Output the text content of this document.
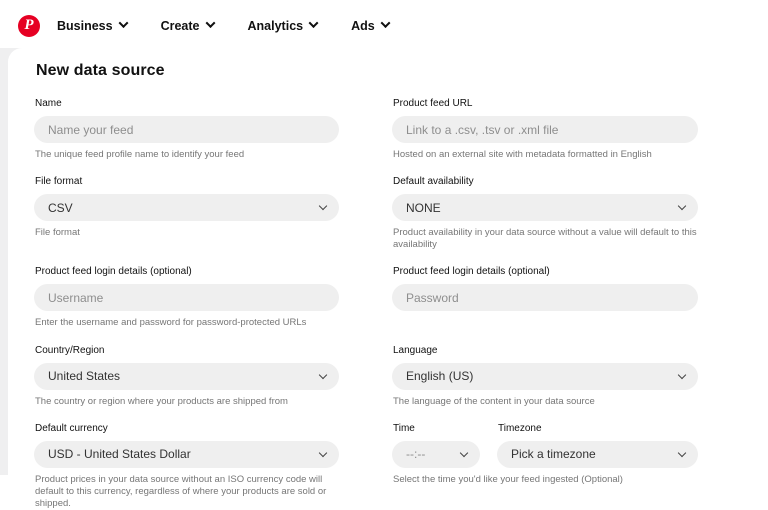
P	Business	Create	Analytics	Ads
New data source
Name
Name your feed
The unique feed profile name to identify your feed
Product feed URL
Link to a .csv, .tsv or .xml file
Hosted on an external site with metadata formatted in English
File format
CSV
File format
Default availability
NONE
Product availability in your data source without a value will default to this availability
Product feed login details (optional)
Username
Enter the username and password for password-protected URLs
Product feed login details (optional)
Password
Country/Region
United States
The country or region where your products are shipped from
Language
English (US)
The language of the content in your data source
Default currency
USD - United States Dollar
Product prices in your data source without an ISO currency code will default to this currency, regardless of where your products are sold or shipped.
Time
--:--
Timezone
Pick a timezone
Select the time you'd like your feed ingested (Optional)
